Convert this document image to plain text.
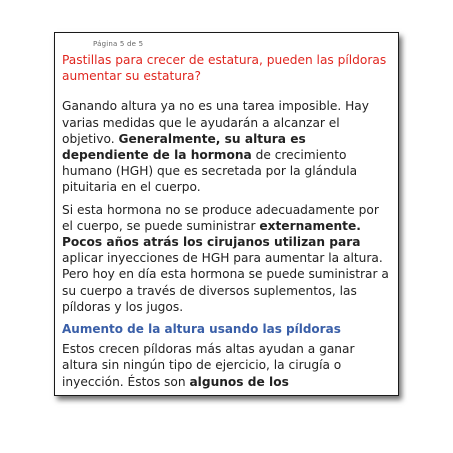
Página 5 de 5
Pastillas para crecer de estatura, pueden las píldoras aumentar su estatura?

Ganando altura ya no es una tarea imposible. Hay varias medidas que le ayudarán a alcanzar el objetivo. Generalmente, su altura es dependiente de la hormona de crecimiento humano (HGH) que es secretada por la glándula pituitaria en el cuerpo.

Si esta hormona no se produce adecuadamente por el cuerpo, se puede suministrar externamente. Pocos años atrás los cirujanos utilizan para aplicar inyecciones de HGH para aumentar la altura. Pero hoy en día esta hormona se puede suministrar a su cuerpo a través de diversos suplementos, las píldoras y los jugos.

Aumento de la altura usando las píldoras

Estos crecen píldoras más altas ayudan a ganar altura sin ningún tipo de ejercicio, la cirugía o inyección. Éstos son algunos de los
